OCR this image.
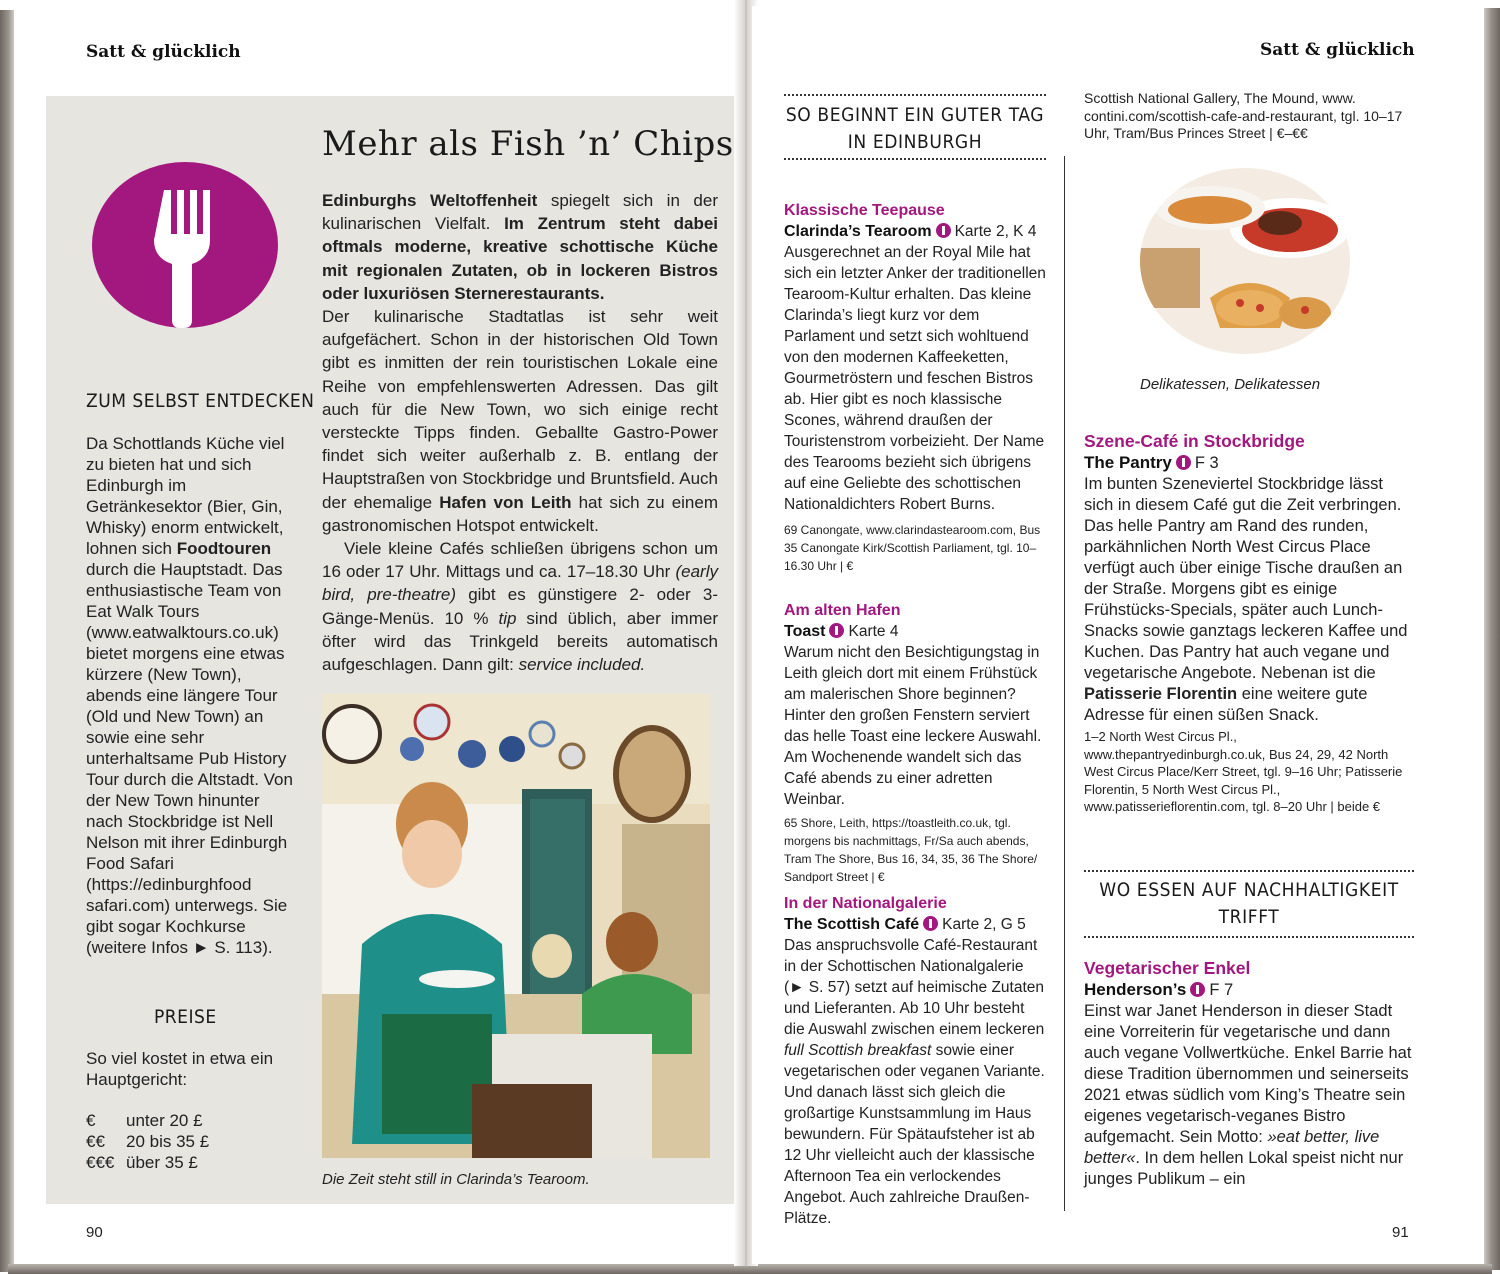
Satt & glücklich
ZUM SELBST ENTDECKEN
Da Schottlands Küche viel zu bieten hat und sich Edinburgh im Getränkesektor (Bier, Gin, Whisky) enorm entwickelt, lohnen sich Foodtouren durch die Hauptstadt. Das enthusiastische Team von Eat Walk Tours (www.eatwalktours.co.uk) bietet morgens eine etwas kürzere (New Town), abends eine längere Tour (Old und New Town) an sowie eine sehr unterhaltsame Pub History Tour durch die Altstadt. Von der New Town hinunter nach Stockbridge ist Nell Nelson mit ihrer Edinburgh Food Safari (https://edinburghfood safari.com) unterwegs. Sie gibt sogar Kochkurse (weitere Infos ► S. 113).
PREISE
So viel kostet in etwa ein Hauptgericht:
€	unter 20 £
€€	20 bis 35 £
€€€ über 35 £
Mehr als Fish ’n’ Chips
Edinburghs Weltoffenheit spiegelt sich in der kulinarischen Vielfalt. Im Zentrum steht dabei oftmals moderne, kreative schottische Küche mit regionalen Zutaten, ob in lockeren Bistros oder luxuriösen Sternerestaurants.
Der kulinarische Stadtatlas ist sehr weit aufgefächert. Schon in der historischen Old Town gibt es inmitten der rein touristischen Lokale eine Reihe von empfehlenswerten Adressen. Das gilt auch für die New Town, wo sich einige recht versteckte Tipps finden. Geballte Gastro-Power findet sich weiter außerhalb z. B. entlang der Hauptstraßen von Stockbridge und Bruntsfield. Auch der ehemalige Hafen von Leith hat sich zu einem gastronomischen Hotspot entwickelt.
Viele kleine Cafés schließen übrigens schon um 16 oder 17 Uhr. Mittags und ca. 17–18.30 Uhr (early bird, pre-theatre) gibt es günstigere 2- oder 3-Gänge-Menüs. 10 % tip sind üblich, aber immer öfter wird das Trinkgeld bereits automatisch aufgeschlagen. Dann gilt: service included.
Die Zeit steht still in Clarinda’s Tearoom.
90
Satt & glücklich
SO BEGINNT EIN GUTER TAG
IN EDINBURGH
Klassische Teepause
Clarinda’s Tearoom Karte 2, K 4
Ausgerechnet an der Royal Mile hat sich ein letzter Anker der traditionellen Tearoom-Kultur erhalten. Das kleine Clarinda’s liegt kurz vor dem Parlament und setzt sich wohltuend von den modernen Kaffeeketten, Gourmetröstern und feschen Bistros ab. Hier gibt es noch klassische Scones, während draußen der Touristenstrom vorbeizieht. Der Name des Tearooms bezieht sich übrigens auf eine Geliebte des schottischen Nationaldichters Robert Burns.
69 Canongate, www.clarindastearoom.com, Bus 35 Canongate Kirk/Scottish Parliament, tgl. 10–16.30 Uhr | €
Am alten Hafen
Toast Karte 4
Warum nicht den Besichtigungstag in Leith gleich dort mit einem Frühstück am malerischen Shore beginnen? Hinter den großen Fenstern serviert das helle Toast eine leckere Auswahl. Am Wochenende wandelt sich das Café abends zu einer adretten Weinbar.
65 Shore, Leith, https://toastleith.co.uk, tgl. morgens bis nachmittags, Fr/Sa auch abends, Tram The Shore, Bus 16, 34, 35, 36 The Shore/ Sandport Street | €
In der Nationalgalerie
The Scottish Café Karte 2, G 5
Das anspruchsvolle Café-Restaurant in der Schottischen Nationalgalerie (► S. 57) setzt auf heimische Zutaten und Lieferanten. Ab 10 Uhr besteht die Auswahl zwischen einem leckeren full Scottish breakfast sowie einer vegetarischen oder veganen Variante. Und danach lässt sich gleich die großartige Kunstsammlung im Haus bewundern. Für Spätaufsteher ist ab 12 Uhr vielleicht auch der klassische Afternoon Tea ein verlockendes Angebot. Auch zahlreiche Draußen-Plätze.
Scottish National Gallery, The Mound, www. contini.com/scottish-cafe-and-restaurant, tgl. 10–17 Uhr, Tram/Bus Princes Street | €–€€
Delikatessen, Delikatessen
Szene-Café in Stockbridge
The Pantry F 3
Im bunten Szeneviertel Stockbridge lässt sich in diesem Café gut die Zeit verbringen. Das helle Pantry am Rand des runden, parkähnlichen North West Circus Place verfügt auch über einige Tische draußen an der Straße. Morgens gibt es einige Frühstücks-Specials, später auch Lunch-Snacks sowie ganztags leckeren Kaffee und Kuchen. Das Pantry hat auch vegane und vegetarische Angebote. Nebenan ist die Patisserie Florentin eine weitere gute Adresse für einen süßen Snack.
1–2 North West Circus Pl., www.thepantryedinburgh.co.uk, Bus 24, 29, 42 North West Circus Place/Kerr Street, tgl. 9–16 Uhr; Patisserie Florentin, 5 North West Circus Pl., www.patisserieflorentin.com, tgl. 8–20 Uhr | beide €
WO ESSEN AUF NACHHALTIGKEIT
TRIFFT
Vegetarischer Enkel
Henderson’s F 7
Einst war Janet Henderson in dieser Stadt eine Vorreiterin für vegetarische und dann auch vegane Vollwertküche. Enkel Barrie hat diese Tradition übernommen und seinerseits 2021 etwas südlich vom King’s Theatre sein eigenes vegetarisch-veganes Bistro aufgemacht. Sein Motto: »eat better, live better«. In dem hellen Lokal speist nicht nur junges Publikum – ein
91
